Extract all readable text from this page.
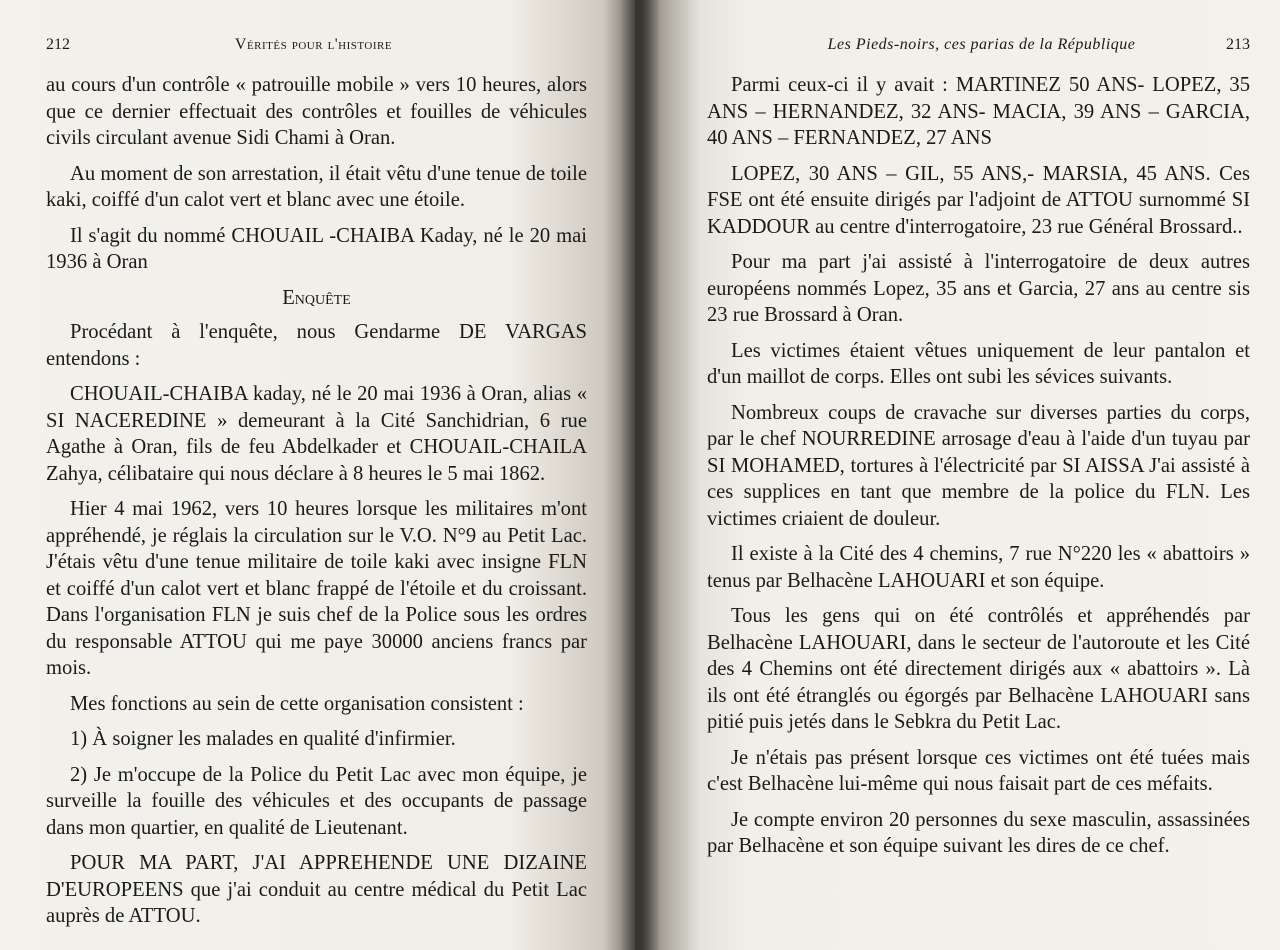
212	Vérités pour l'histoire

au cours d'un contrôle « patrouille mobile » vers 10 heures, alors que ce dernier effectuait des contrôles et fouilles de véhicules civils circulant avenue Sidi Chami à Oran.

Au moment de son arrestation, il était vêtu d'une tenue de toile kaki, coiffé d'un calot vert et blanc avec une étoile.

Il s'agit du nommé CHOUAIL -CHAIBA Kaday, né le 20 mai 1936 à Oran

Enquête

Procédant à l'enquête, nous Gendarme DE VARGAS entendons :

CHOUAIL-CHAIBA kaday, né le 20 mai 1936 à Oran, alias « SI NACEREDINE » demeurant à la Cité Sanchidrian, 6 rue Agathe à Oran, fils de feu Abdelkader et CHOUAIL-CHAILA Zahya, célibataire qui nous déclare à 8 heures le 5 mai 1862.

Hier 4 mai 1962, vers 10 heures lorsque les militaires m'ont appréhendé, je réglais la circulation sur le V.O. N°9 au Petit Lac. J'étais vêtu d'une tenue militaire de toile kaki avec insigne FLN et coiffé d'un calot vert et blanc frappé de l'étoile et du croissant. Dans l'organisation FLN je suis chef de la Police sous les ordres du responsable ATTOU qui me paye 30000 anciens francs par mois.

Mes fonctions au sein de cette organisation consistent :

1) À soigner les malades en qualité d'infirmier.

2) Je m'occupe de la Police du Petit Lac avec mon équipe, je surveille la fouille des véhicules et des occupants de passage dans mon quartier, en qualité de Lieutenant.

POUR MA PART, J'AI APPREHENDE UNE DIZAINE D'EUROPEENS que j'ai conduit au centre médical du Petit Lac auprès de ATTOU.

Les Pieds-noirs, ces parias de la République	213

Parmi ceux-ci il y avait : MARTINEZ 50 ANS- LOPEZ, 35 ANS – HERNANDEZ, 32 ANS- MACIA, 39 ANS – GARCIA, 40 ANS – FERNANDEZ, 27 ANS

LOPEZ, 30 ANS – GIL, 55 ANS,- MARSIA, 45 ANS. Ces FSE ont été ensuite dirigés par l'adjoint de ATTOU surnommé SI KADDOUR au centre d'interrogatoire, 23 rue Général Brossard..

Pour ma part j'ai assisté à l'interrogatoire de deux autres européens nommés Lopez, 35 ans et Garcia, 27 ans au centre sis 23 rue Brossard à Oran.

Les victimes étaient vêtues uniquement de leur pantalon et d'un maillot de corps. Elles ont subi les sévices suivants.

Nombreux coups de cravache sur diverses parties du corps, par le chef NOURREDINE arrosage d'eau à l'aide d'un tuyau par SI MOHAMED, tortures à l'électricité par SI AISSA J'ai assisté à ces supplices en tant que membre de la police du FLN. Les victimes criaient de douleur.

Il existe à la Cité des 4 chemins, 7 rue N°220 les « abattoirs » tenus par Belhacène LAHOUARI et son équipe.

Tous les gens qui on été contrôlés et appréhendés par Belhacène LAHOUARI, dans le secteur de l'autoroute et les Cité des 4 Chemins ont été directement dirigés aux « abattoirs ». Là ils ont été étranglés ou égorgés par Belhacène LAHOUARI sans pitié puis jetés dans le Sebkra du Petit Lac.

Je n'étais pas présent lorsque ces victimes ont été tuées mais c'est Belhacène lui-même qui nous faisait part de ces méfaits.

Je compte environ 20 personnes du sexe masculin, assassinées par Belhacène et son équipe suivant les dires de ce chef.
